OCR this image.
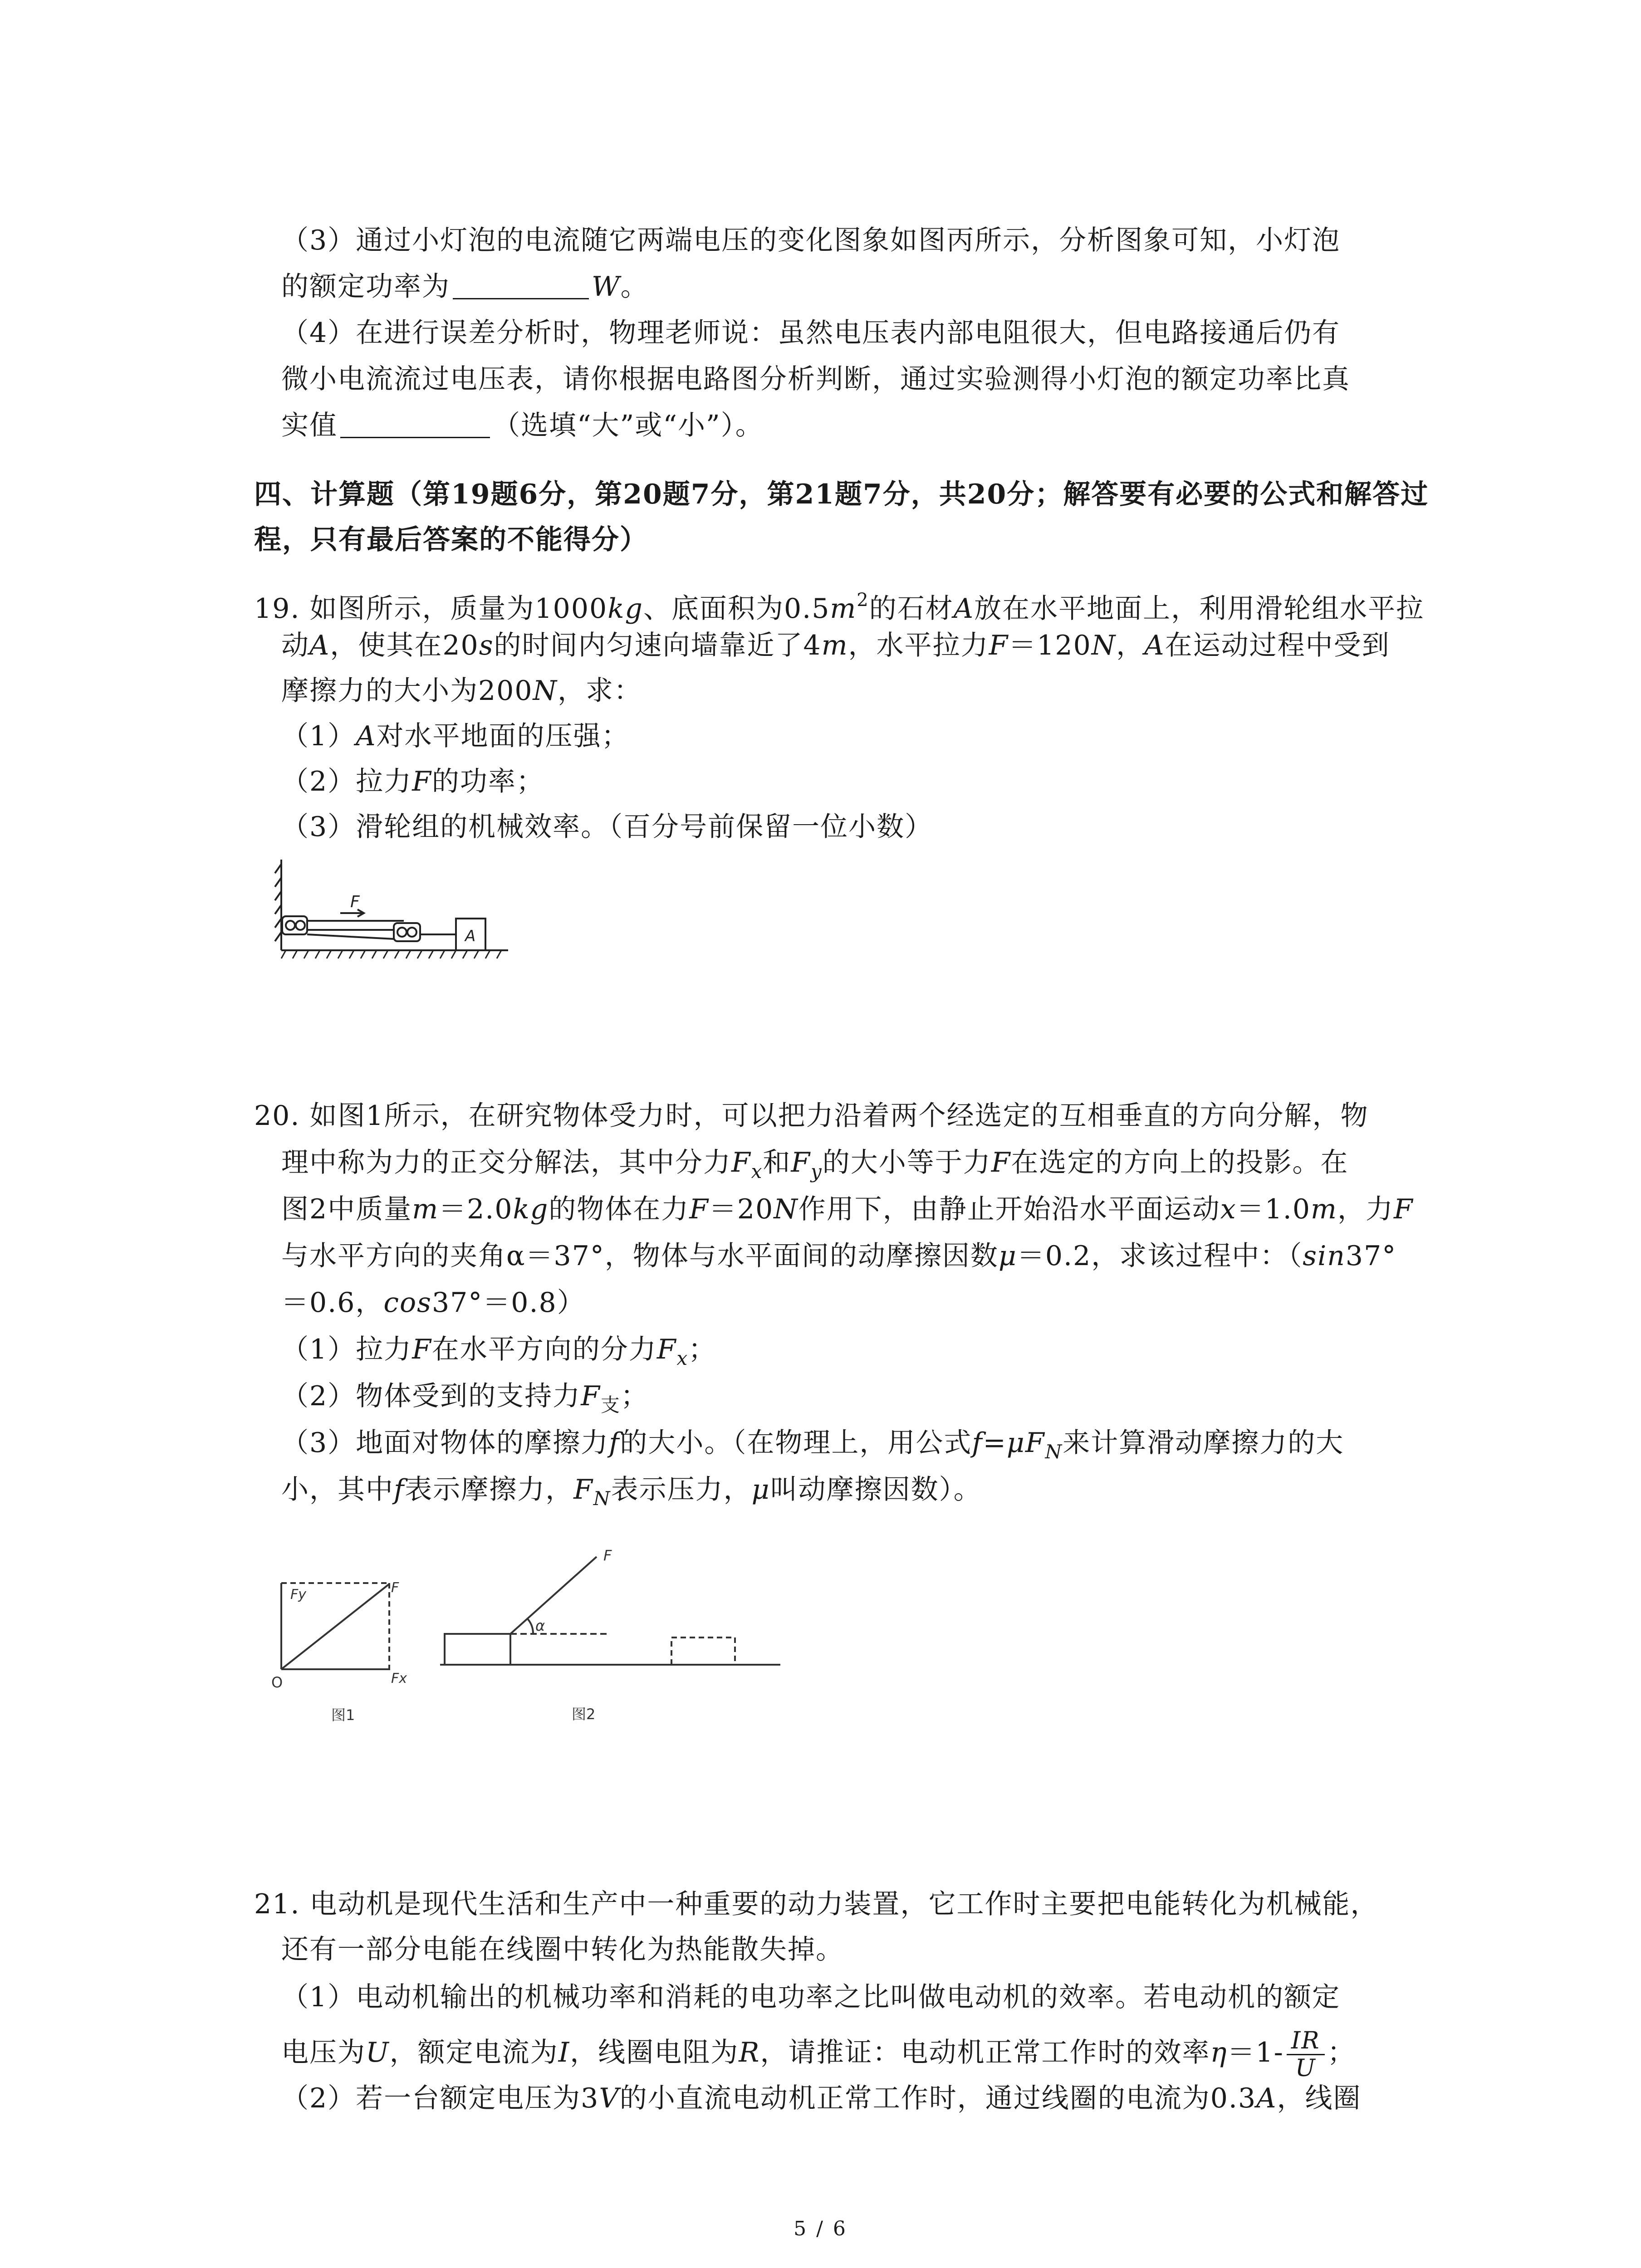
（3）通过小灯泡的电流随它两端电压的变化图象如图丙所示，分析图象可知，小灯泡
的额定功率为	W。
（4）在进行误差分析时，物理老师说：虽然电压表内部电阻很大，但电路接通后仍有
微小电流流过电压表，请你根据电路图分析判断，通过实验测得小灯泡的额定功率比真
实值	（选填“大”或“小”）。
四、计算题（第19题6分，第20题7分，第21题7分，共20分；解答要有必要的公式和解答过
程，只有最后答案的不能得分）
19. 如图所示，质量为1000kg、底面积为$0.5m^2$的石材A放在水平地面上，利用滑轮组水平拉
动A，使其在20s的时间内匀速向墙靠近了4m，水平拉力F＝120N，A在运动过程中受到
摩擦力的大小为200N，求：
（1）A对水平地面的压强；
（2）拉力F的功率；
（3）滑轮组的机械效率。（百分号前保留一位小数）
F
A
20. 如图1所示，在研究物体受力时，可以把力沿着两个经选定的互相垂直的方向分解，物
理中称为力的正交分解法，其中分力$F_x$和$F_y$的大小等于力F在选定的方向上的投影。在
图2中质量m＝2.0kg的物体在力F＝20N作用下，由静止开始沿水平面运动x＝1.0m，力F
与水平方向的夹角α＝37°，物体与水平面间的动摩擦因数μ＝0.2，求该过程中：（sin37°
＝0.6，cos37°＝0.8）
（1）拉力F在水平方向的分力$F_x$；
（2）物体受到的支持力$F_支$；
（3）地面对物体的摩擦力f的大小。（在物理上，用公式$f=\mu F_N$来计算滑动摩擦力的大
小，其中f表示摩擦力，$F_N$表示压力，μ叫动摩擦因数）。
Fy	F
O	Fx
图1
F
α
图2
21. 电动机是现代生活和生产中一种重要的动力装置，它工作时主要把电能转化为机械能，
还有一部分电能在线圈中转化为热能散失掉。
（1）电动机输出的机械功率和消耗的电功率之比叫做电动机的效率。若电动机的额定
电压为U，额定电流为I，线圈电阻为R，请推证：电动机正常工作时的效率$\eta=1- \frac{IR}{U}$ ；
（2）若一台额定电压为3V的小直流电动机正常工作时，通过线圈的电流为0.3A，线圈
5 / 6
